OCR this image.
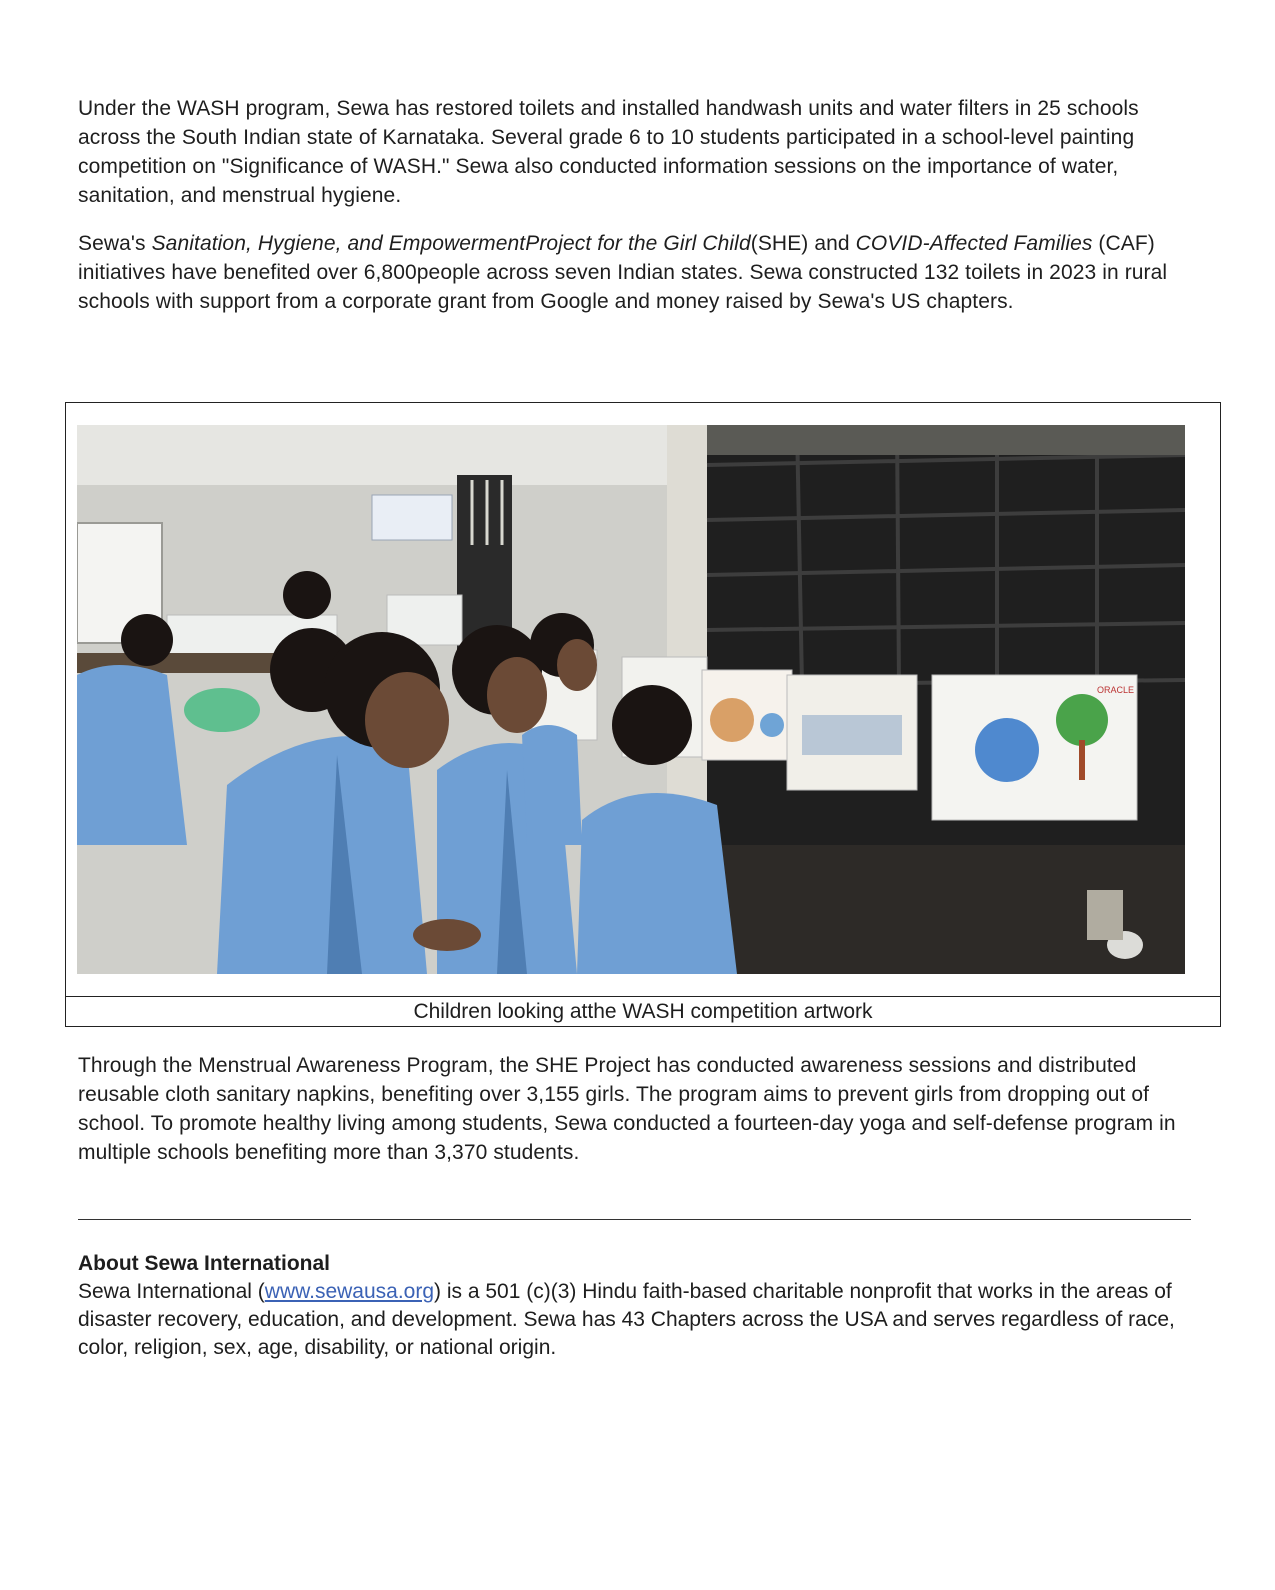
Under the WASH program, Sewa has restored toilets and installed handwash units and water filters in 25 schools across the South Indian state of Karnataka. Several grade 6 to 10 students participated in a school-level painting competition on "Significance of WASH." Sewa also conducted information sessions on the importance of water, sanitation, and menstrual hygiene.

Sewa's Sanitation, Hygiene, and EmpowermentProject for the Girl Child(SHE) and COVID-Affected Families (CAF) initiatives have benefited over 6,800people across seven Indian states. Sewa constructed 132 toilets in 2023 in rural schools with support from a corporate grant from Google and money raised by Sewa's US chapters.

ORACLE
Children looking atthe WASH competition artwork

Through the Menstrual Awareness Program, the SHE Project has conducted awareness sessions and distributed reusable cloth sanitary napkins, benefiting over 3,155 girls. The program aims to prevent girls from dropping out of school. To promote healthy living among students, Sewa conducted a fourteen-day yoga and self-defense program in multiple schools benefiting more than 3,370 students.

About Sewa International

Sewa International (www.sewausa.org) is a 501 (c)(3) Hindu faith-based charitable nonprofit that works in the areas of disaster recovery, education, and development. Sewa has 43 Chapters across the USA and serves regardless of race, color, religion, sex, age, disability, or national origin.
